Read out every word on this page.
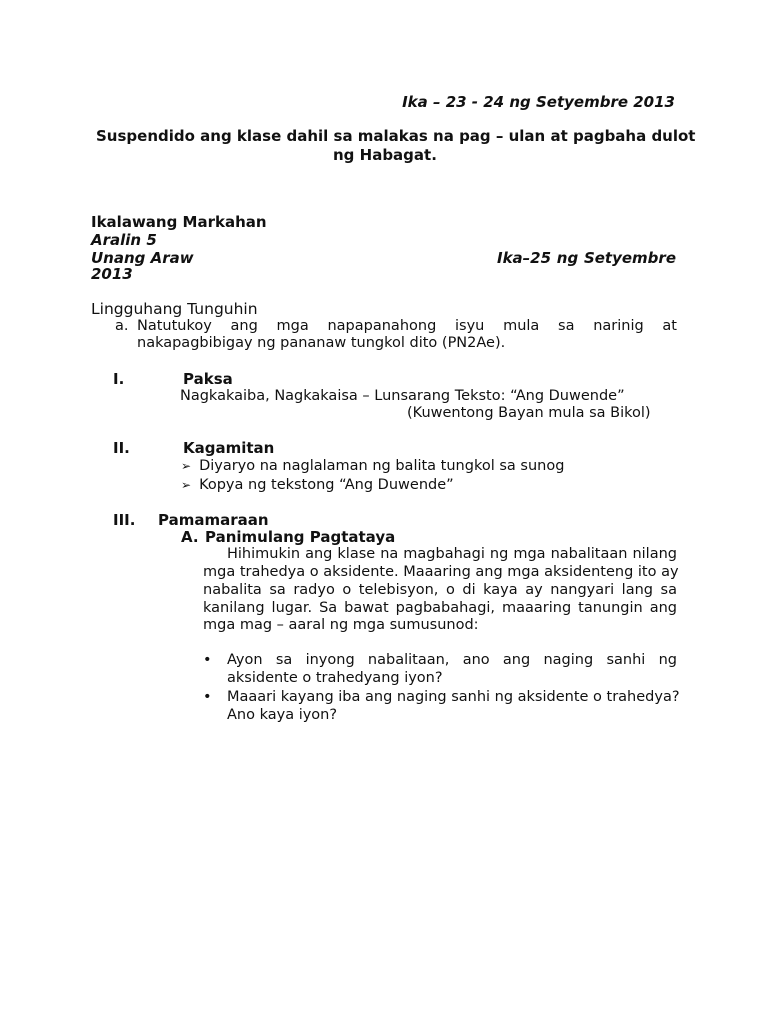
Ika – 23 - 24 ng Setyembre 2013
Suspendido ang klase dahil sa malakas na pag – ulan at pagbaha dulot
ng Habagat.
Ikalawang Markahan
Aralin 5
Unang Araw	Ika–25 ng Setyembre
2013
Lingguhang Tunguhin
a. Natutukoy ang mga napapanahong isyu mula sa narinig at
nakapagbibigay ng pananaw tungkol dito (PN2Ae).
I.	Paksa
Nagkakaiba, Nagkakaisa – Lunsarang Teksto: “Ang Duwende”
(Kuwentong Bayan mula sa Bikol)
II.	Kagamitan
➢ Diyaryo na naglalaman ng balita tungkol sa sunog
➢ Kopya ng tekstong “Ang Duwende”
III. Pamamaraan
A. Panimulang Pagtataya
Hihimukin ang klase na magbahagi ng mga nabalitaan nilang
mga trahedya o aksidente. Maaaring ang mga aksidenteng ito ay
nabalita sa radyo o telebisyon, o di kaya ay nangyari lang sa
kanilang lugar. Sa bawat pagbabahagi, maaaring tanungin ang
mga mag – aaral ng mga sumusunod:
• Ayon sa inyong nabalitaan, ano ang naging sanhi ng
aksidente o trahedyang iyon?
• Maaari kayang iba ang naging sanhi ng aksidente o trahedya?
Ano kaya iyon?
